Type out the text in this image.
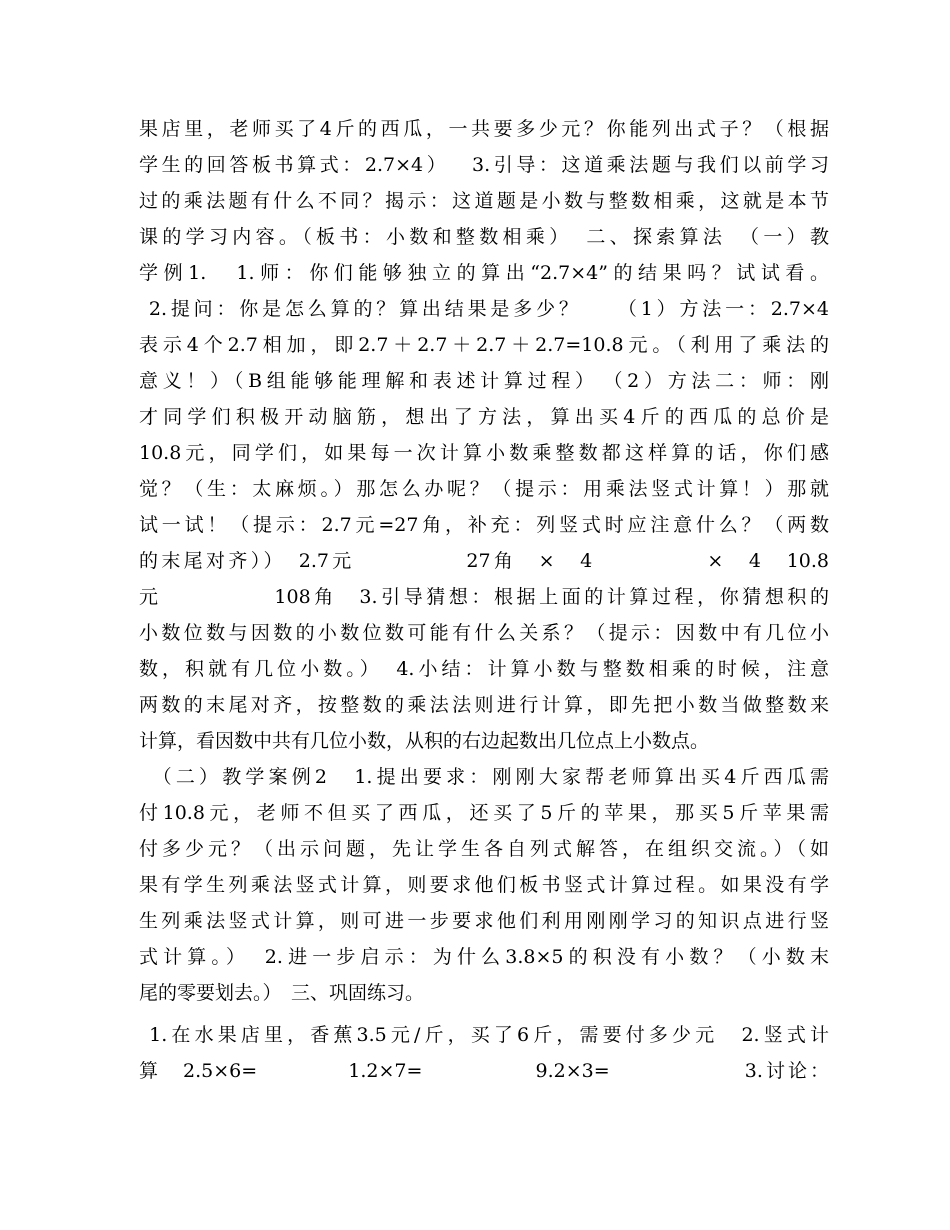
果店里，老师买了4斤的西瓜，一共要多少元？你能列出式子？（根据
学生的回答板书算式：2.7×4）　 3.引导：这道乘法题与我们以前学习
过的乘法题有什么不同？揭示：这道题是小数与整数相乘，这就是本节
课的学习内容。（板书：小数和整数相乘）　二、探索算法　（一）教
学例1.　1.师：你们能够独立的算出“2.7×4”的结果吗？试试看。
2.提问：你是怎么算的？算出结果是多少？　　（1）方法一：2.7×4
表示4个2.7相加，即2.7＋2.7＋2.7＋2.7=10.8元。（利用了乘法的
意义！）（B组能够能理解和表述计算过程）　（2）方法二：师：刚
才同学们积极开动脑筋，想出了方法，算出买4斤的西瓜的总价是
10.8元，同学们，如果每一次计算小数乘整数都这样算的话，你们感
觉？（生：太麻烦。）那怎么办呢？（提示：用乘法竖式计算！）那就
试一试！（提示：2.7元=27角，补充：列竖式时应注意什么？（两数
的末尾对齐））　2.7元　　　　　27角　×　4　　　　　×　4　10.8
元　　　　　108角　3.引导猜想：根据上面的计算过程，你猜想积的
小数位数与因数的小数位数可能有什么关系？（提示：因数中有几位小
数，积就有几位小数。）　4.小结：计算小数与整数相乘的时候，注意
两数的末尾对齐，按整数的乘法法则进行计算，即先把小数当做整数来
计算，看因数中共有几位小数，从积的右边起数出几位点上小数点。
　（二）教学案例2　1.提出要求：刚刚大家帮老师算出买4斤西瓜需
付10.8元，老师不但买了西瓜，还买了5斤的苹果，那买5斤苹果需
付多少元？（出示问题，先让学生各自列式解答，在组织交流。）（如
果有学生列乘法竖式计算，则要求他们板书竖式计算过程。如果没有学
生列乘法竖式计算，则可进一步要求他们利用刚刚学习的知识点进行竖
式计算。）　2.进一步启示：为什么3.8×5的积没有小数？（小数末
尾的零要划去。）　三、巩固练习。
1.在水果店里，香蕉3.5元/斤，买了6斤，需要付多少元　2.竖式计
算　2.5×6=　　　　1.2×7=　　　　　9.2×3=　　　　　　3.讨论：
